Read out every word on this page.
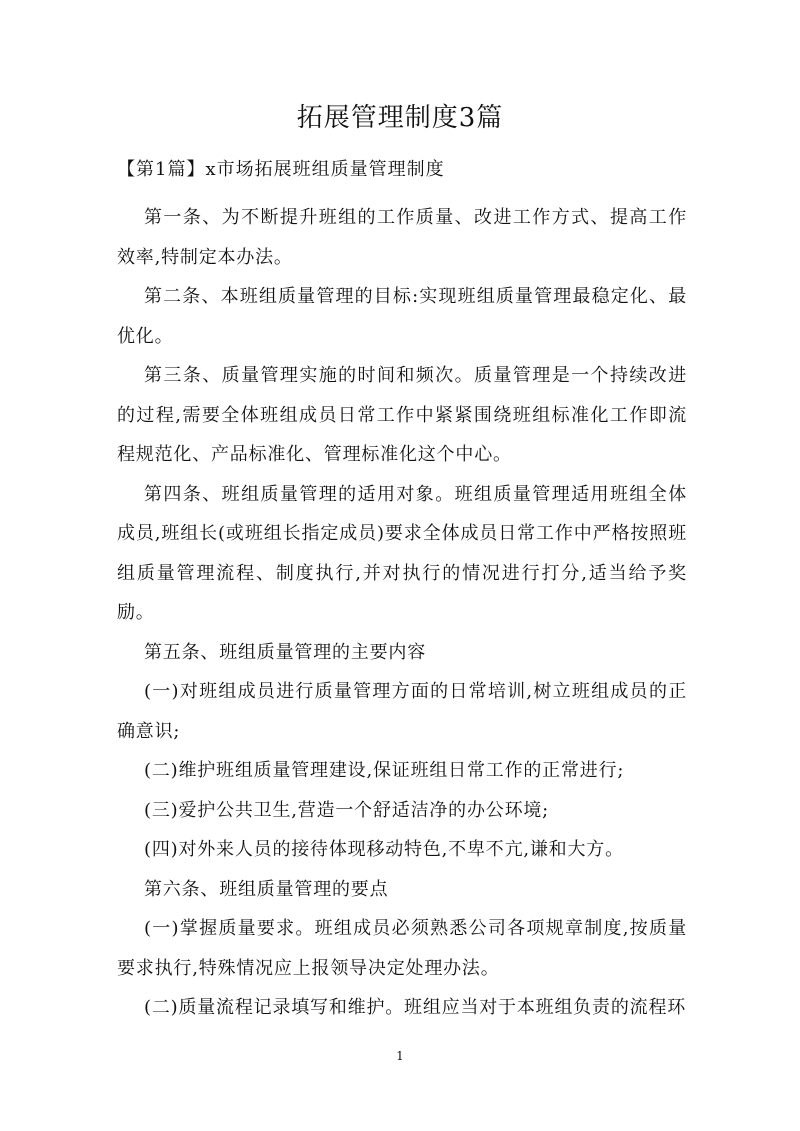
拓展管理制度3篇
【第1篇】x市场拓展班组质量管理制度

第一条、为不断提升班组的工作质量、改进工作方式、提高工作效率,特制定本办法。

第二条、本班组质量管理的目标:实现班组质量管理最稳定化、最优化。

第三条、质量管理实施的时间和频次。质量管理是一个持续改进的过程,需要全体班组成员日常工作中紧紧围绕班组标准化工作即流程规范化、产品标准化、管理标准化这个中心。

第四条、班组质量管理的适用对象。班组质量管理适用班组全体成员,班组长(或班组长指定成员)要求全体成员日常工作中严格按照班组质量管理流程、制度执行,并对执行的情况进行打分,适当给予奖励。

第五条、班组质量管理的主要内容

(一)对班组成员进行质量管理方面的日常培训,树立班组成员的正确意识;

(二)维护班组质量管理建设,保证班组日常工作的正常进行;

(三)爱护公共卫生,营造一个舒适洁净的办公环境;

(四)对外来人员的接待体现移动特色,不卑不亢,谦和大方。

第六条、班组质量管理的要点

(一)掌握质量要求。班组成员必须熟悉公司各项规章制度,按质量要求执行,特殊情况应上报领导决定处理办法。

(二)质量流程记录填写和维护。班组应当对于本班组负责的流程环

1
